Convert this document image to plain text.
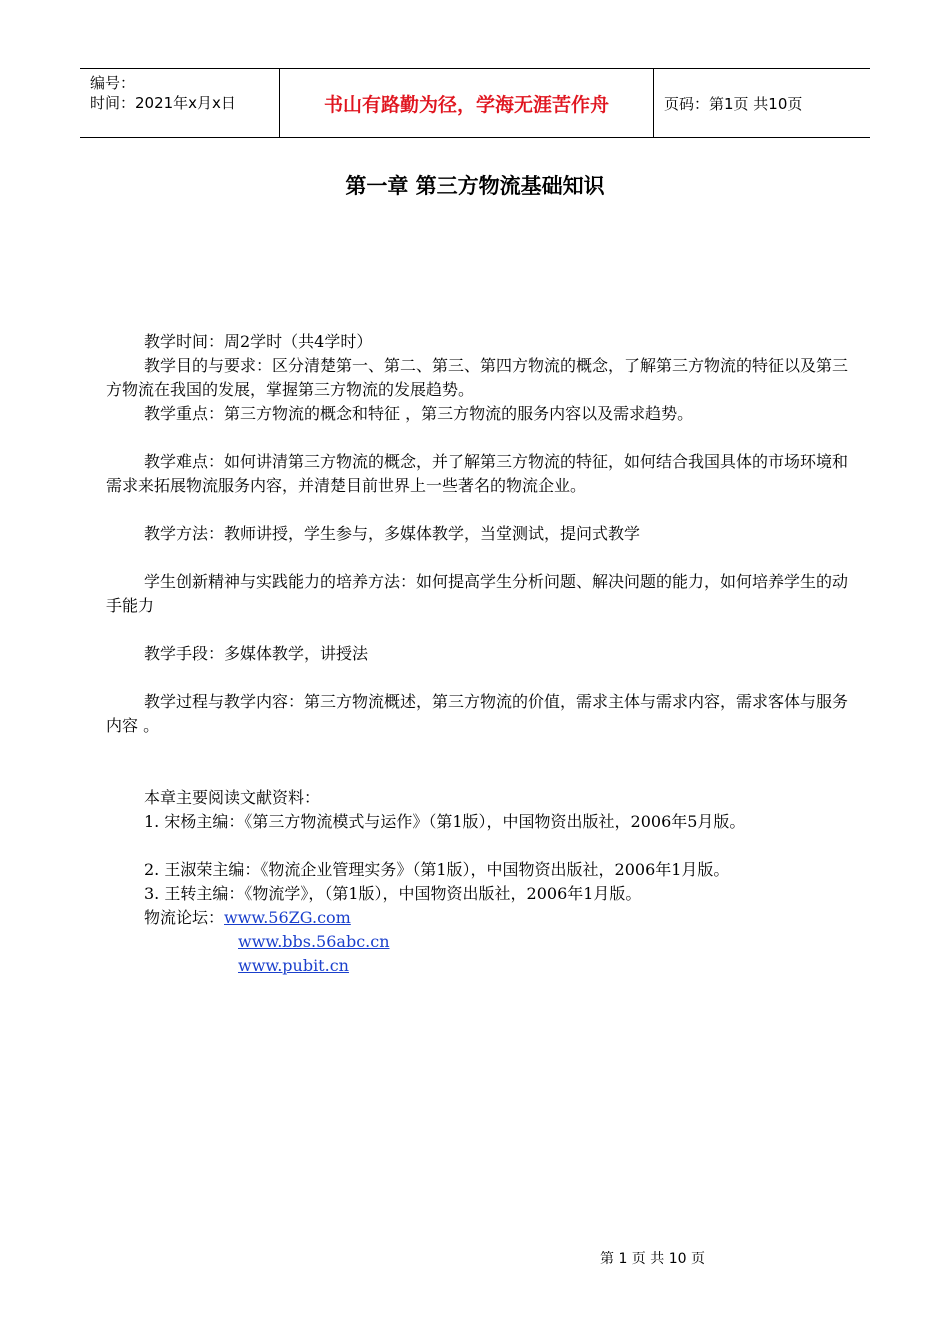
编号：
时间：2021年x月x日	书山有路勤为径，学海无涯苦作舟	页码：第1页 共10页
第一章 第三方物流基础知识

教学时间：周2学时（共4学时）

教学目的与要求：区分清楚第一、第二、第三、第四方物流的概念，了解第三方物流的特征以及第三方物流在我国的发展，掌握第三方物流的发展趋势。

教学重点：第三方物流的概念和特征 ，第三方物流的服务内容以及需求趋势。

教学难点：如何讲清第三方物流的概念，并了解第三方物流的特征，如何结合我国具体的市场环境和需求来拓展物流服务内容，并清楚目前世界上一些著名的物流企业。

教学方法：教师讲授，学生参与，多媒体教学，当堂测试，提问式教学

学生创新精神与实践能力的培养方法：如何提高学生分析问题、解决问题的能力，如何培养学生的动手能力

教学手段：多媒体教学，讲授法

教学过程与教学内容：第三方物流概述，第三方物流的价值，需求主体与需求内容，需求客体与服务内容 。

本章主要阅读文献资料：

1. 宋杨主编：《第三方物流模式与运作》（第1版），中国物资出版社，2006年5月版。

2. 王淑荣主编：《物流企业管理实务》（第1版），中国物资出版社，2006年1月版。

3. 王转主编：《物流学》，（第1版），中国物资出版社，2006年1月版。

物流论坛：www.56ZG.com
www.bbs.56abc.cn
www.pubit.cn
第 1 页 共 10 页
